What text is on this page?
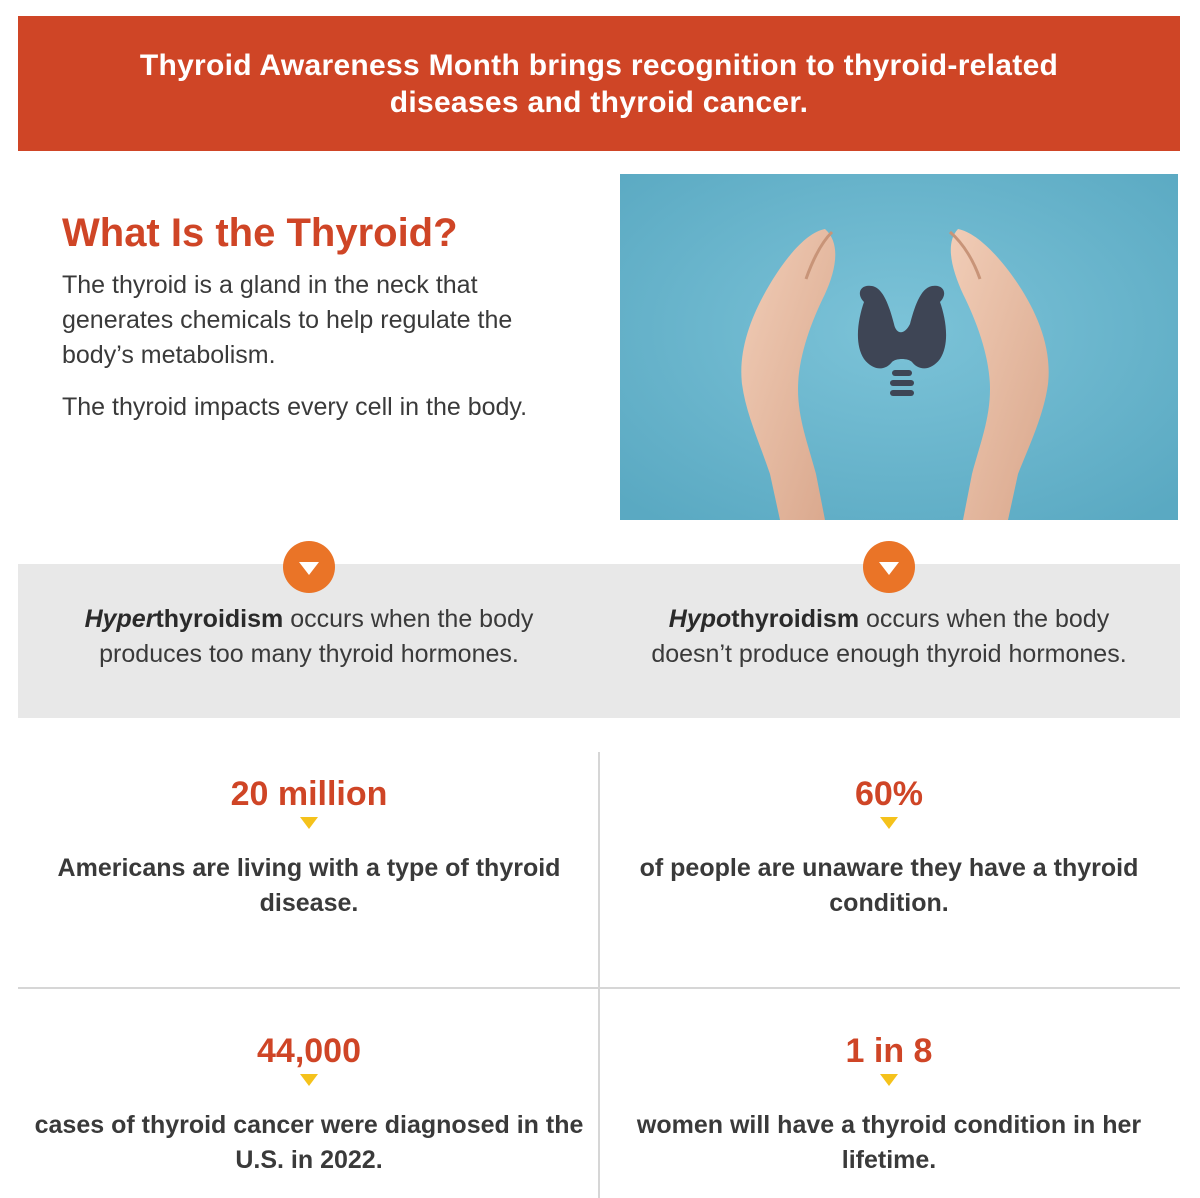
Thyroid Awareness Month brings recognition to thyroid-related diseases and thyroid cancer.
What Is the Thyroid?

The thyroid is a gland in the neck that generates chemicals to help regulate the body’s metabolism.

The thyroid impacts every cell in the body.

Hyperthyroidism occurs when the body produces too many thyroid hormones.
Hypothyroidism occurs when the body doesn’t produce enough thyroid hormones.
20 million
Americans are living with a type of thyroid disease.
60%
of people are unaware they have a thyroid condition.
44,000
cases of thyroid cancer were diagnosed in the U.S. in 2022.
1 in 8
women will have a thyroid condition in her lifetime.
